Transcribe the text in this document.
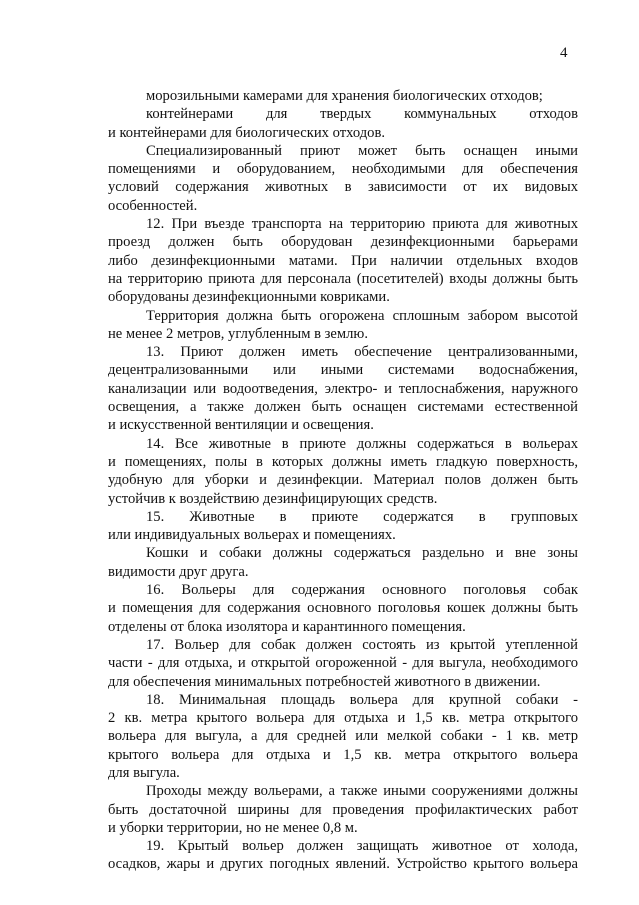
4
морозильными камерами для хранения биологических отходов;
контейнерами для твердых коммунальных отходов
и контейнерами для биологических отходов.
Специализированный приют может быть оснащен иными
помещениями и оборудованием, необходимыми для обеспечения
условий содержания животных в зависимости от их видовых
особенностей.
12. При въезде транспорта на территорию приюта для животных
проезд должен быть оборудован дезинфекционными барьерами
либо дезинфекционными матами. При наличии отдельных входов
на территорию приюта для персонала (посетителей) входы должны быть
оборудованы дезинфекционными ковриками.
Территория должна быть огорожена сплошным забором высотой
не менее 2 метров, углубленным в землю.
13. Приют должен иметь обеспечение централизованными,
децентрализованными или иными системами водоснабжения,
канализации или водоотведения, электро- и теплоснабжения, наружного
освещения, а также должен быть оснащен системами естественной
и искусственной вентиляции и освещения.
14. Все животные в приюте должны содержаться в вольерах
и помещениях, полы в которых должны иметь гладкую поверхность,
удобную для уборки и дезинфекции. Материал полов должен быть
устойчив к воздействию дезинфицирующих средств.
15. Животные в приюте содержатся в групповых
или индивидуальных вольерах и помещениях.
Кошки и собаки должны содержаться раздельно и вне зоны
видимости друг друга.
16. Вольеры для содержания основного поголовья собак
и помещения для содержания основного поголовья кошек должны быть
отделены от блока изолятора и карантинного помещения.
17. Вольер для собак должен состоять из крытой утепленной
части - для отдыха, и открытой огороженной - для выгула, необходимого
для обеспечения минимальных потребностей животного в движении.
18. Минимальная площадь вольера для крупной собаки -
2 кв. метра крытого вольера для отдыха и 1,5 кв. метра открытого
вольера для выгула, а для средней или мелкой собаки - 1 кв. метр
крытого вольера для отдыха и 1,5 кв. метра открытого вольера
для выгула.
Проходы между вольерами, а также иными сооружениями должны
быть достаточной ширины для проведения профилактических работ
и уборки территории, но не менее 0,8 м.
19. Крытый вольер должен защищать животное от холода,
осадков, жары и других погодных явлений. Устройство крытого вольера
